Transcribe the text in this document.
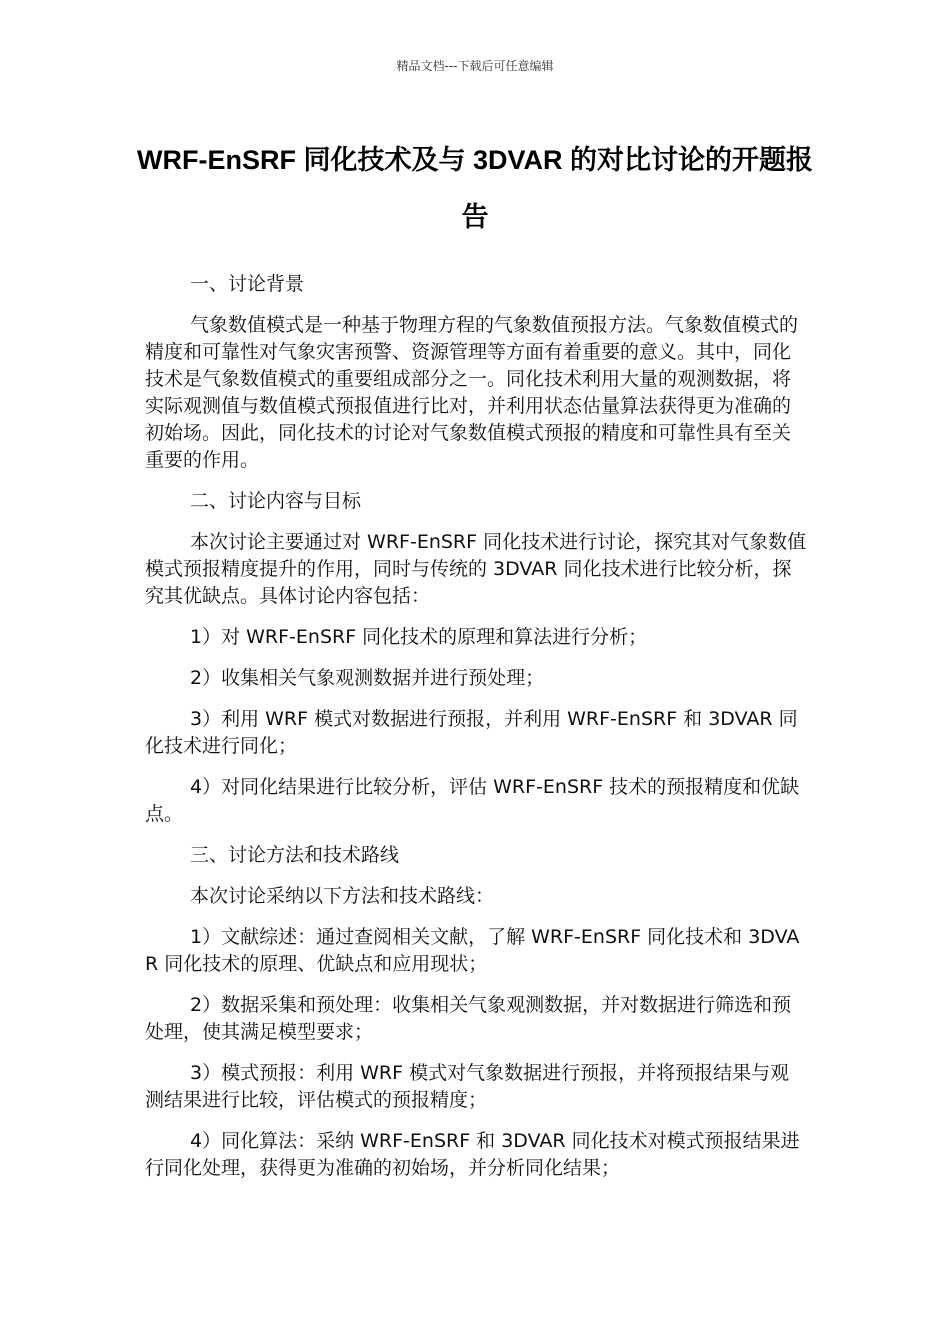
精品文档---下载后可任意编辑
WRF-EnSRF 同化技术及与 3DVAR 的对比讨论的开题报告

一、讨论背景

气象数值模式是一种基于物理方程的气象数值预报方法。气象数值模式的精度和可靠性对气象灾害预警、资源管理等方面有着重要的意义。其中，同化技术是气象数值模式的重要组成部分之一。同化技术利用大量的观测数据，将实际观测值与数值模式预报值进行比对，并利用状态估量算法获得更为准确的初始场。因此，同化技术的讨论对气象数值模式预报的精度和可靠性具有至关重要的作用。

二、讨论内容与目标

本次讨论主要通过对 WRF-EnSRF 同化技术进行讨论，探究其对气象数值模式预报精度提升的作用，同时与传统的 3DVAR 同化技术进行比较分析，探究其优缺点。具体讨论内容包括：

1）对 WRF-EnSRF 同化技术的原理和算法进行分析；

2）收集相关气象观测数据并进行预处理；

3）利用 WRF 模式对数据进行预报，并利用 WRF-EnSRF 和 3DVAR 同化技术进行同化；

4）对同化结果进行比较分析，评估 WRF-EnSRF 技术的预报精度和优缺点。

三、讨论方法和技术路线

本次讨论采纳以下方法和技术路线：

1）文献综述：通过查阅相关文献，了解 WRF-EnSRF 同化技术和 3DVAR 同化技术的原理、优缺点和应用现状；

2）数据采集和预处理：收集相关气象观测数据，并对数据进行筛选和预处理，使其满足模型要求；

3）模式预报：利用 WRF 模式对气象数据进行预报，并将预报结果与观测结果进行比较，评估模式的预报精度；

4）同化算法：采纳 WRF-EnSRF 和 3DVAR 同化技术对模式预报结果进行同化处理，获得更为准确的初始场，并分析同化结果；
